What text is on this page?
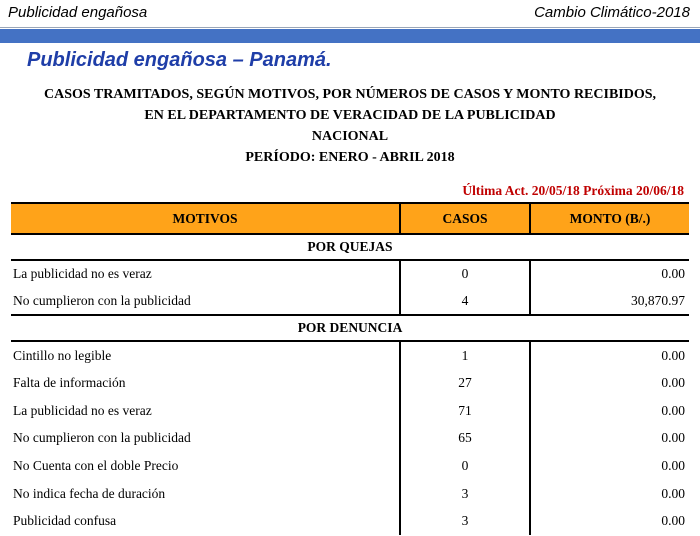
Publicidad engañosa	Cambio Climático-2018
Publicidad engañosa – Panamá.
CASOS TRAMITADOS, SEGÚN MOTIVOS, POR NÚMEROS DE CASOS Y MONTO RECIBIDOS,
EN EL DEPARTAMENTO DE VERACIDAD DE LA PUBLICIDAD
NACIONAL
PERÍODO: ENERO - ABRIL 2018
Última Act. 20/05/18 Próxima 20/06/18
MOTIVOS	CASOS	MONTO (B/.)
POR QUEJAS		
La publicidad no es veraz	0	0.00
No cumplieron con la publicidad	4	30,870.97
POR DENUNCIA		
Cintillo no legible	1	0.00
Falta de información	27	0.00
La publicidad no es veraz	71	0.00
No cumplieron con la publicidad	65	0.00
No Cuenta con el doble Precio	0	0.00
No indica fecha de duración	3	0.00
Publicidad confusa	3	0.00
